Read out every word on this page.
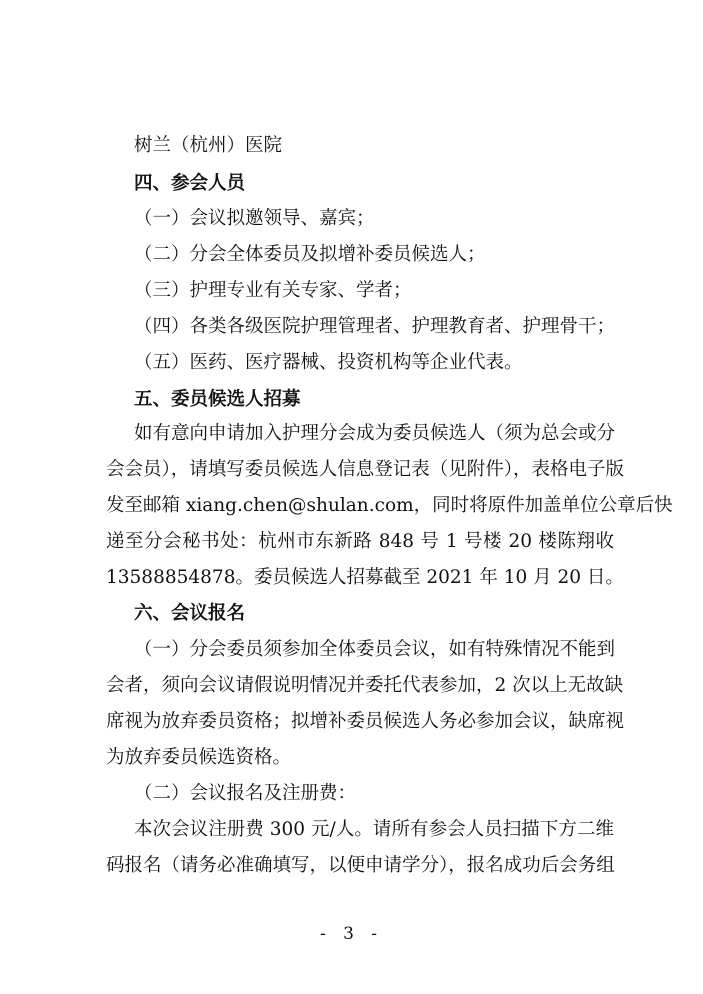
树兰（杭州）医院
四、参会人员
（一）会议拟邀领导、嘉宾；
（二）分会全体委员及拟增补委员候选人；
（三）护理专业有关专家、学者；
（四）各类各级医院护理管理者、护理教育者、护理骨干；
（五）医药、医疗器械、投资机构等企业代表。
五、委员候选人招募
如有意向申请加入护理分会成为委员候选人（须为总会或分
会会员），请填写委员候选人信息登记表（见附件），表格电子版
发至邮箱 xiang.chen@shulan.com，同时将原件加盖单位公章后快
递至分会秘书处：杭州市东新路 848 号 1 号楼 20 楼陈翔收
13588854878。委员候选人招募截至 2021 年 10 月 20 日。
六、会议报名
（一）分会委员须参加全体委员会议，如有特殊情况不能到
会者，须向会议请假说明情况并委托代表参加，2 次以上无故缺
席视为放弃委员资格；拟增补委员候选人务必参加会议，缺席视
为放弃委员候选资格。
（二）会议报名及注册费：
本次会议注册费 300 元/人。请所有参会人员扫描下方二维
码报名（请务必准确填写，以便申请学分），报名成功后会务组
- 3 -
